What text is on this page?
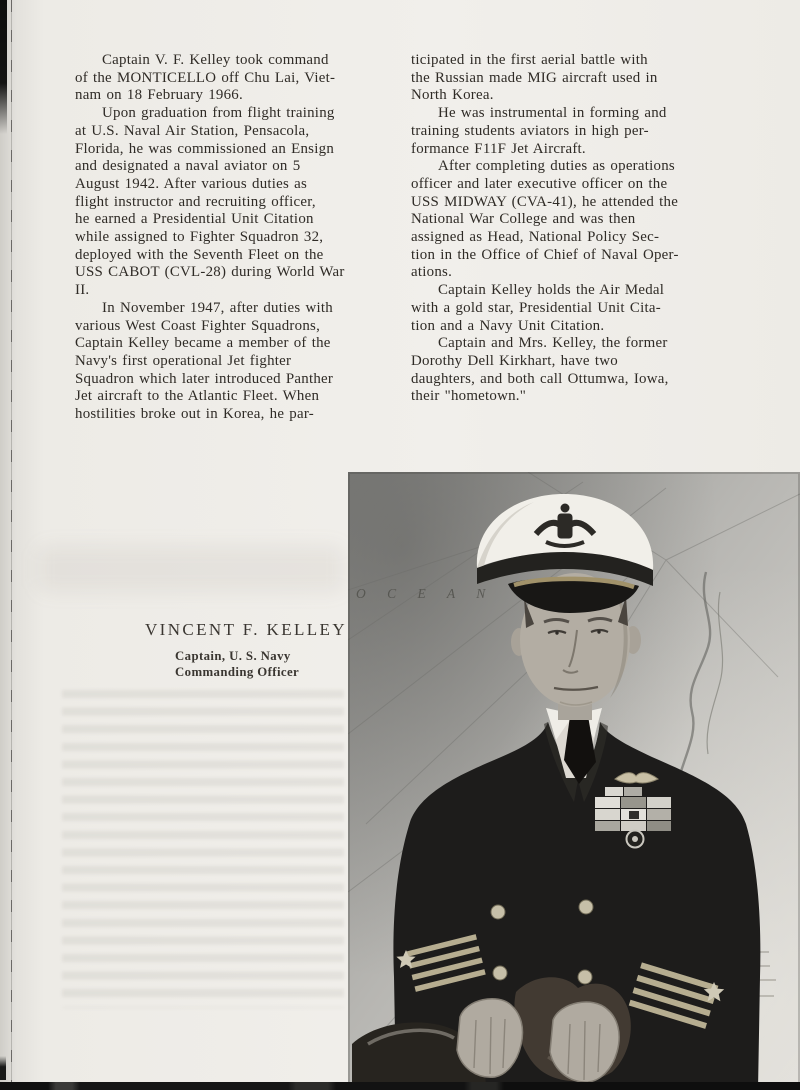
Captain V. F. Kelley took command
of the MONTICELLO off Chu Lai, Viet-
nam on 18 February 1966.
Upon graduation from flight training
at U.S. Naval Air Station, Pensacola,
Florida, he was commissioned an Ensign
and designated a naval aviator on 5
August 1942. After various duties as
flight instructor and recruiting officer,
he earned a Presidential Unit Citation
while assigned to Fighter Squadron 32,
deployed with the Seventh Fleet on the
USS CABOT (CVL-28) during World War
II.
In November 1947, after duties with
various West Coast Fighter Squadrons,
Captain Kelley became a member of the
Navy's first operational Jet fighter
Squadron which later introduced Panther
Jet aircraft to the Atlantic Fleet. When
hostilities broke out in Korea, he par-
ticipated in the first aerial battle with
the Russian made MIG aircraft used in
North Korea.
He was instrumental in forming and
training students aviators in high per-
formance F11F Jet Aircraft.
After completing duties as operations
officer and later executive officer on the
USS MIDWAY (CVA-41), he attended the
National War College and was then
assigned as Head, National Policy Sec-
tion in the Office of Chief of Naval Oper-
ations.
Captain Kelley holds the Air Medal
with a gold star, Presidential Unit Cita-
tion and a Navy Unit Citation.
Captain and Mrs. Kelley, the former
Dorothy Dell Kirkhart, have two
daughters, and both call Ottumwa, Iowa,
their "hometown."
VINCENT F. KELLEY
Captain, U. S. Navy
Commanding Officer
O C E A N
